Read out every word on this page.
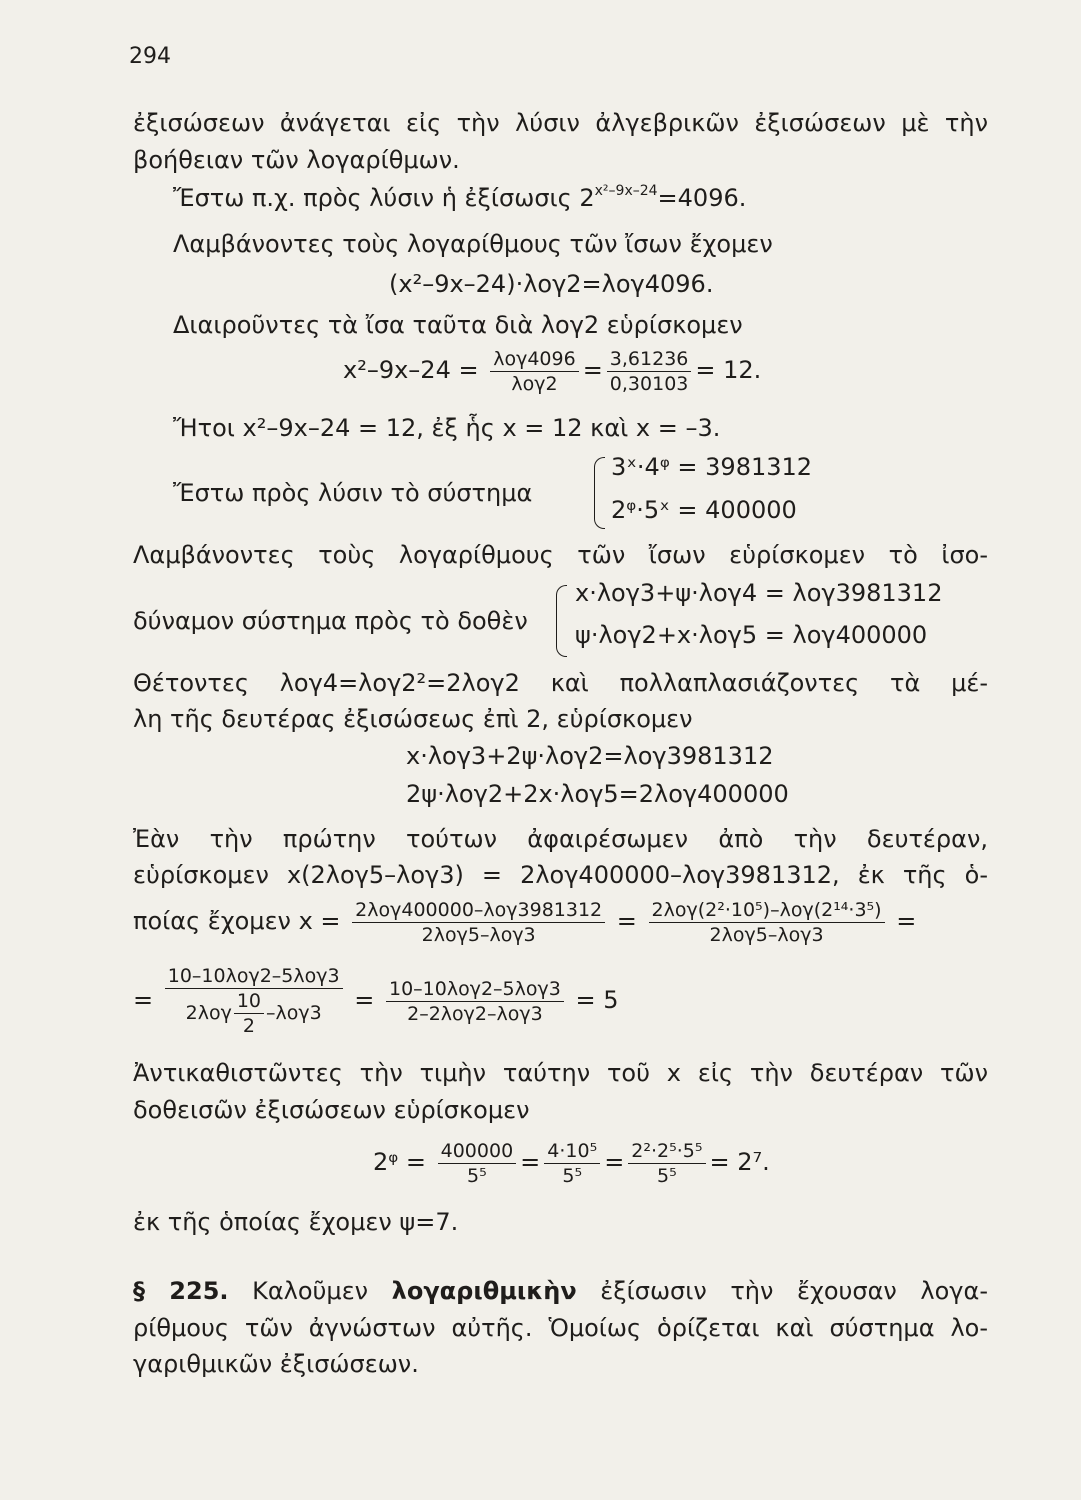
294
ἐξισώσεων ἀνάγεται εἰς τὴν λύσιν ἀλγεβρικῶν ἐξισώσεων μὲ τὴν
βοήθειαν τῶν λογαρίθμων.
Ἔστω π.χ. πρὸς λύσιν ἡ ἐξίσωσις $2^{x^2-9x-24}=4096$.
Λαμβάνοντες τοὺς λογαρίθμους τῶν ἴσων ἔχομεν
(x²–9x–24)·λογ2=λογ4096.
Διαιροῦντες τὰ ἴσα ταῦτα διὰ λογ2 εὑρίσκομεν
$x^2-9x-24 = \frac{\text{λογ4096}}{\text{λογ2}} = \frac{3,61236}{0,30103} = 12$.
Ἤτοι x²–9x–24 = 12, ἐξ ἧς x = 12 καὶ x = –3.
Ἔστω πρὸς λύσιν τὸ σύστημα
3ˣ·4ᵠ = 3981312
2ᵠ·5ˣ = 400000
Λαμβάνοντες τοὺς λογαρίθμους τῶν ἴσων εὑρίσκομεν τὸ ἰσο-
δύναμον σύστημα πρὸς τὸ δοθὲν
x·λογ3+ψ·λογ4 = λογ3981312
ψ·λογ2+x·λογ5 = λογ400000
Θέτοντες λογ4=λογ2²=2λογ2 καὶ πολλαπλασιάζοντες τὰ μέ-
λη τῆς δευτέρας ἐξισώσεως ἐπὶ 2, εὑρίσκομεν
x·λογ3+2ψ·λογ2=λογ3981312
2ψ·λογ2+2x·λογ5=2λογ400000
Ἐὰν τὴν πρώτην τούτων ἀφαιρέσωμεν ἀπὸ τὴν δευτέραν,
εὑρίσκομεν x(2λογ5–λογ3) = 2λογ400000–λογ3981312, ἐκ τῆς ὁ-
ποίας ἔχομεν $x = \frac{\text{2λογ400000–λογ3981312}}{\text{2λογ5–λογ3}} = \frac{\text{2λογ(2²·10⁵)–λογ(2¹⁴·3⁵)}}{\text{2λογ5–λογ3}}$ =
= $\frac{\text{10–10λογ2–5λογ3}}{2\lambda o\gamma \frac{10}{2} -\lambda o\gamma 3} = \frac{\text{10–10λογ2–5λογ3}}{\text{2–2λογ2–λογ3}} = 5$
Ἀντικαθιστῶντες τὴν τιμὴν ταύτην τοῦ x εἰς τὴν δευτέραν τῶν
δοθεισῶν ἐξισώσεων εὑρίσκομεν
2ᵠ = $\frac{400000}{\text{5⁵}} = \frac{\text{4·10⁵}}{\text{5⁵}} = \frac{\text{2²·2⁵·5⁵}}{\text{5⁵}} = 2^7$.
ἐκ τῆς ὁποίας ἔχομεν ψ=7.
§ 225. Καλοῦμεν λογαριθμικὴν ἐξίσωσιν τὴν ἔχουσαν λογα-
ρίθμους τῶν ἀγνώστων αὐτῆς. Ὁμοίως ὁρίζεται καὶ σύστημα λο-
γαριθμικῶν ἐξισώσεων.
